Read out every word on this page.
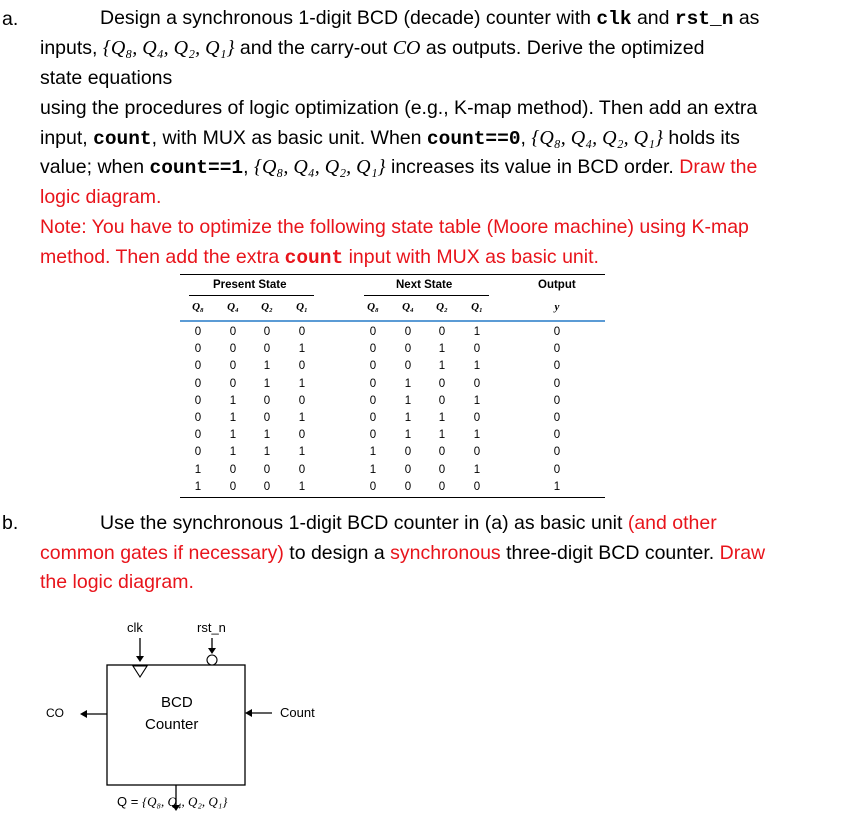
a.	Design a synchronous 1-digit BCD (decade) counter with clk and rst_n as
inputs, {Q₈, Q₄, Q₂, Q₁} and the carry-out CO as outputs. Derive the optimized
state equations
using the procedures of logic optimization (e.g., K-map method). Then add an extra
input, count, with MUX as basic unit. When count==0, {Q₈, Q₄, Q₂, Q₁} holds its
value; when count==1, {Q₈, Q₄, Q₂, Q₁} increases its value in BCD order. Draw the
logic diagram.
Note: You have to optimize the following state table (Moore machine) using K-map
method. Then add the extra count input with MUX as basic unit.
Present State	Next State	Output
Q₈	Q₄	Q₂	Q₁	Q₈	Q₄	Q₂	Q₁	y
0	0	0	0	0	0	0	1	0
0	0	0	1	0	0	1	0	0
0	0	1	0	0	0	1	1	0
0	0	1	1	0	1	0	0	0
0	1	0	0	0	1	0	1	0
0	1	0	1	0	1	1	0	0
0	1	1	0	0	1	1	1	0
0	1	1	1	1	0	0	0	0
1	0	0	0	1	0	0	1	0
1	0	0	1	0	0	0	0	1
b.	Use the synchronous 1-digit BCD counter in (a) as basic unit (and other
common gates if necessary) to design a synchronous three-digit BCD counter. Draw
the logic diagram.
clk	rst_n
BCD
Counter
CO	Count
Q = {Q₈, Q₄, Q₂, Q₁}
